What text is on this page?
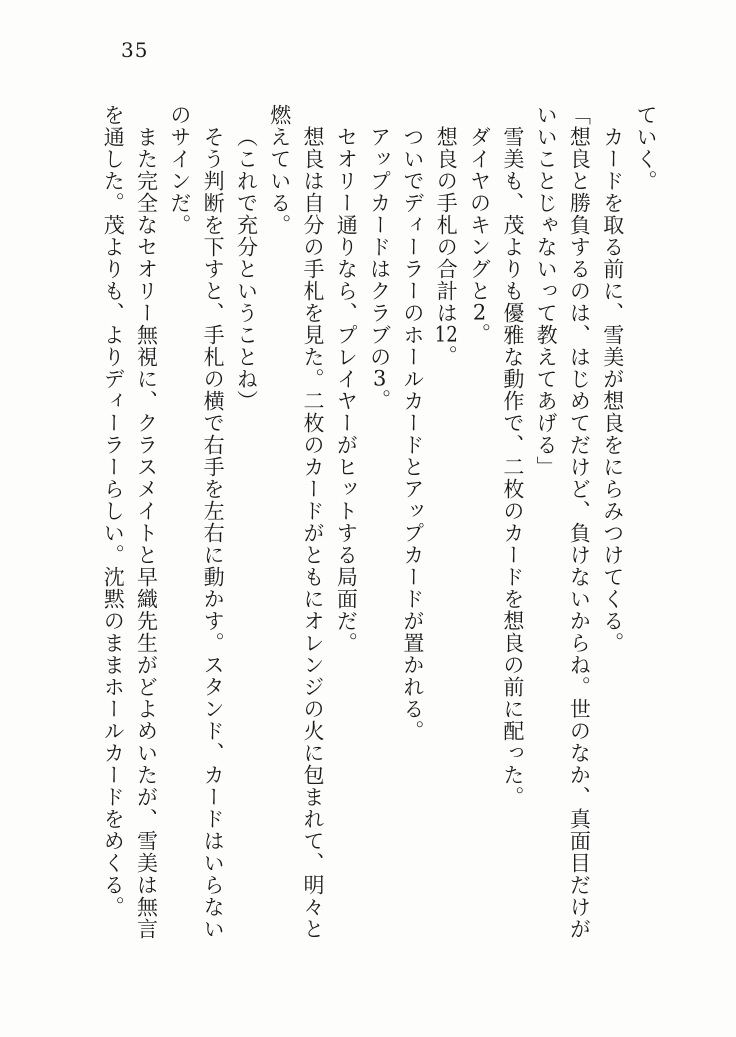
35
ていく。
カードを取る前に、雪美が想良をにらみつけてくる。
「想良と勝負するのは、はじめてだけど、負けないからね。世のなか、真面目だけが
いいことじゃないって教えてあげる」
雪美も、茂よりも優雅な動作で、二枚のカードを想良の前に配った。
ダイヤのキングと2。
想良の手札の合計は12。
ついでディーラーのホールカードとアップカードが置かれる。
アップカードはクラブの3。
セオリー通りなら、プレイヤーがヒットする局面だ。
想良は自分の手札を見た。二枚のカードがともにオレンジの火に包まれて、明々と
燃えている。
（これで充分ということね）
そう判断を下すと、手札の横で右手を左右に動かす。スタンド、カードはいらない
のサインだ。
また完全なセオリー無視に、クラスメイトと早織先生がどよめいたが、雪美は無言
を通した。茂よりも、よりディーラーらしい。沈黙のままホールカードをめくる。
